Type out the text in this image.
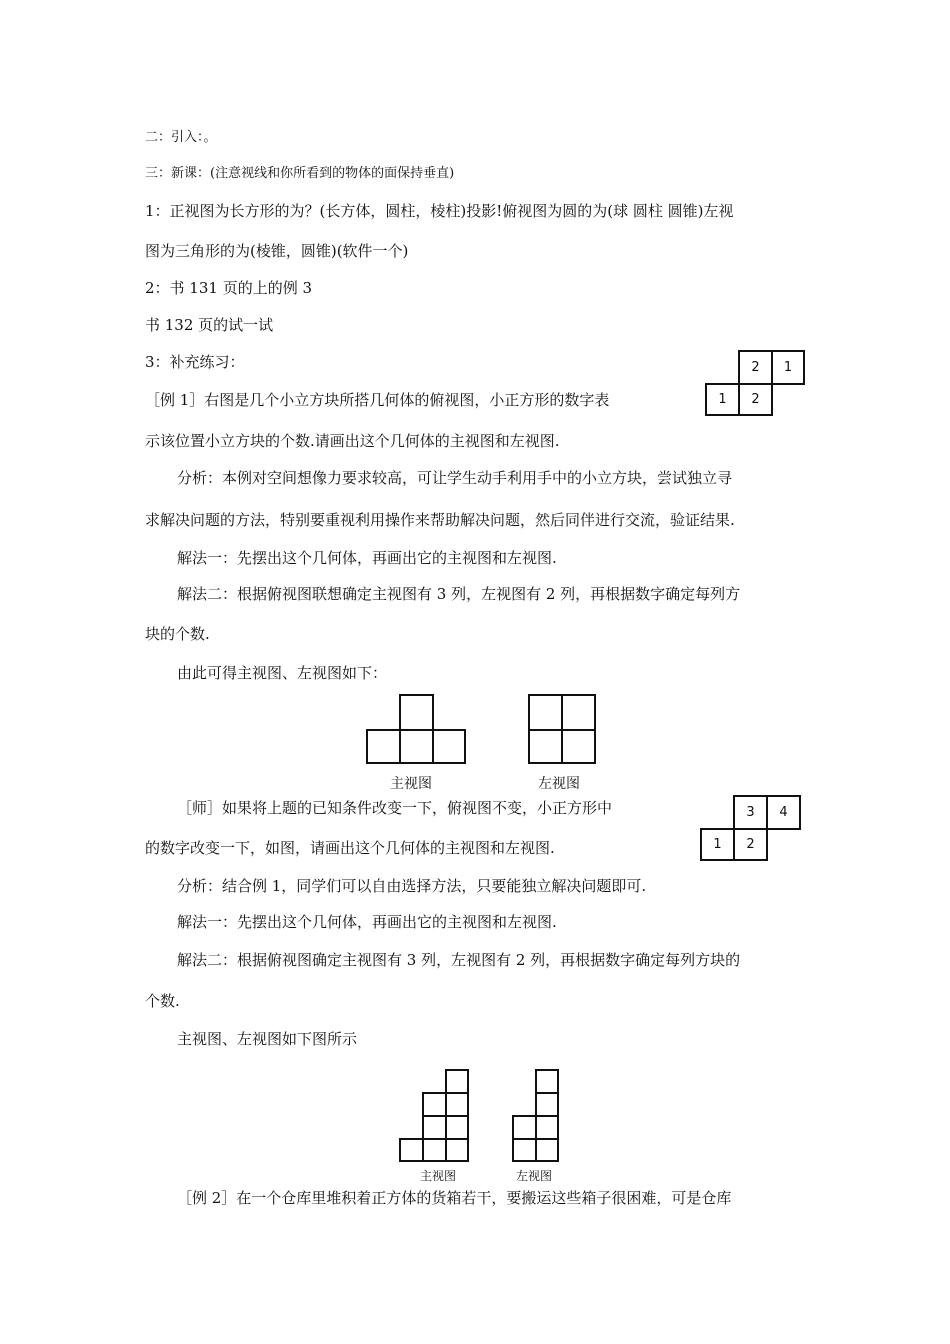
二：引入：。
三：新课：(注意视线和你所看到的物体的面保持垂直)
1：正视图为长方形的为？(长方体，圆柱，棱柱)投影!俯视图为圆的为(球 圆柱 圆锥)左视
图为三角形的为(棱锥，圆锥)(软件一个)
2：书 131 页的上的例 3
书 132 页的试一试
3：补充练习：
［例 1］右图是几个小立方块所搭几何体的俯视图，小正方形的数字表
示该位置小立方块的个数.请画出这个几何体的主视图和左视图.
分析：本例对空间想像力要求较高，可让学生动手利用手中的小立方块，尝试独立寻
求解决问题的方法，特别要重视利用操作来帮助解决问题，然后同伴进行交流，验证结果.
解法一：先摆出这个几何体，再画出它的主视图和左视图.
解法二：根据俯视图联想确定主视图有 3 列，左视图有 2 列，再根据数字确定每列方
块的个数.
由此可得主视图、左视图如下：
［师］如果将上题的已知条件改变一下，俯视图不变，小正方形中
的数字改变一下，如图，请画出这个几何体的主视图和左视图.
分析：结合例 1，同学们可以自由选择方法，只要能独立解决问题即可.
解法一：先摆出这个几何体，再画出它的主视图和左视图.
解法二：根据俯视图确定主视图有 3 列，左视图有 2 列，再根据数字确定每列方块的
个数.
主视图、左视图如下图所示
［例 2］在一个仓库里堆积着正方体的货箱若干，要搬运这些箱子很困难，可是仓库
2	1
1	2
主视图	左视图
3	4
1	2
主视图	左视图
